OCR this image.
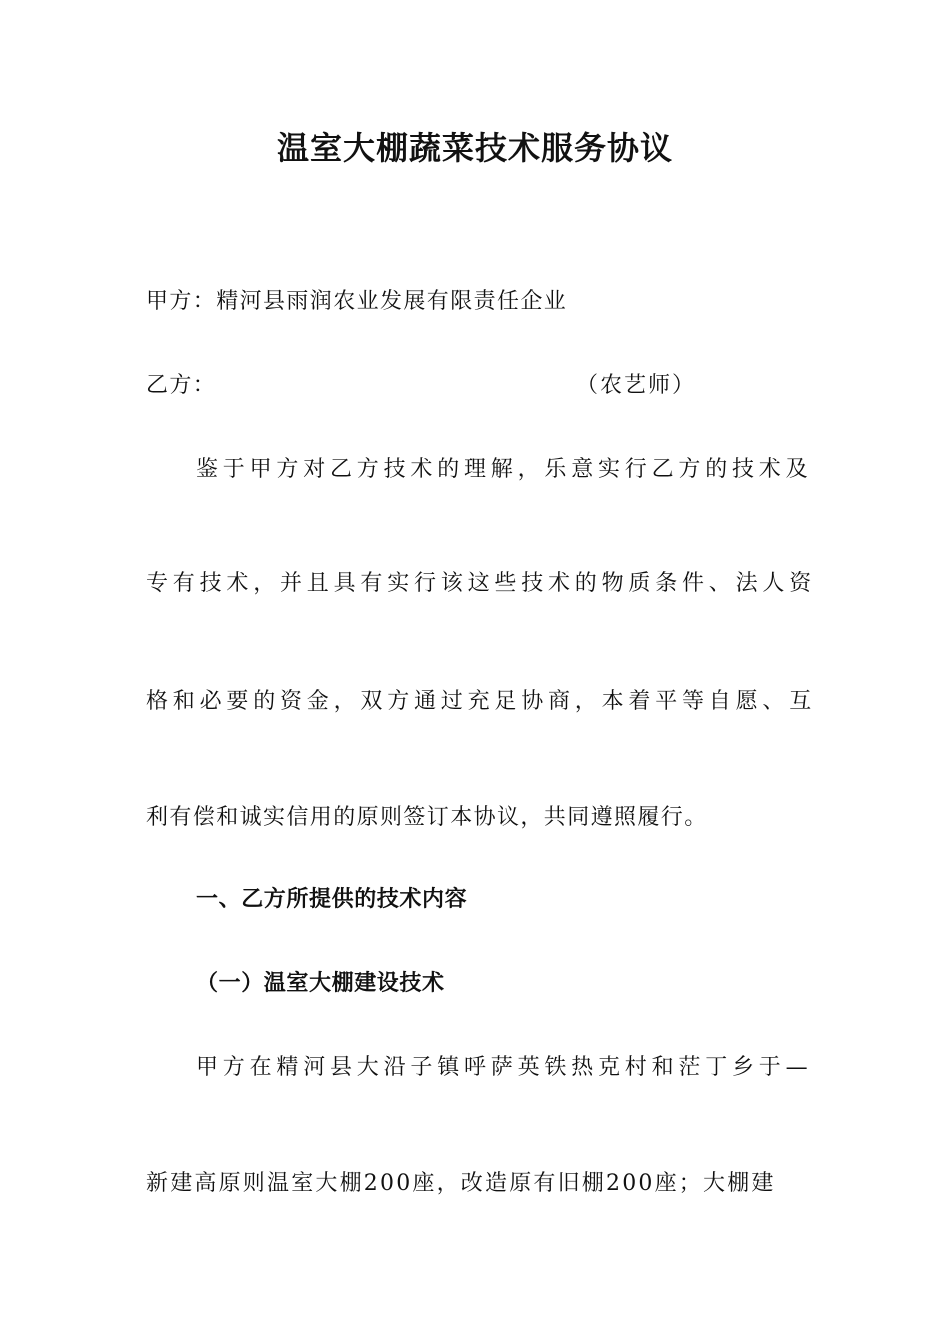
温室大棚蔬菜技术服务协议
甲方：精河县雨润农业发展有限责任企业
乙方：	（农艺师）
鉴于甲方对乙方技术的理解，乐意实行乙方的技术及
专有技术，并且具有实行该这些技术的物质条件、法人资
格和必要的资金，双方通过充足协商，本着平等自愿、互
利有偿和诚实信用的原则签订本协议，共同遵照履行。
一、乙方所提供的技术内容
（一）温室大棚建设技术
甲方在精河县大沿子镇呼萨英铁热克村和茫丁乡于—
新建高原则温室大棚200座，改造原有旧棚200座；大棚建
